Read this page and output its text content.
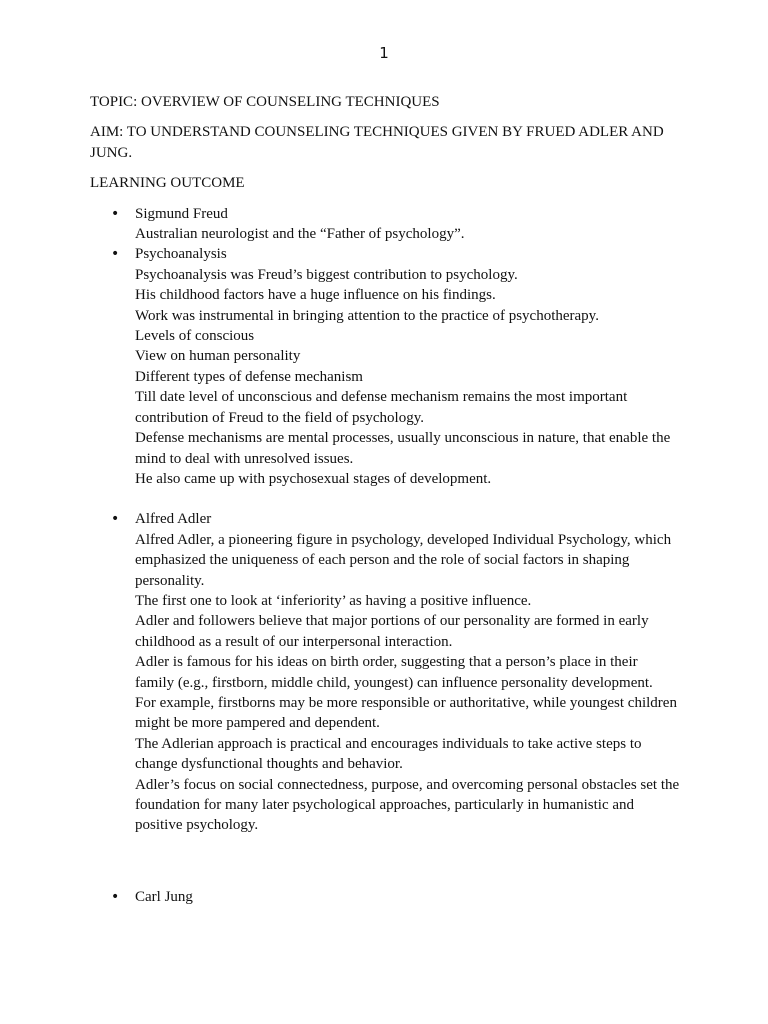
1

TOPIC: OVERVIEW OF COUNSELING TECHNIQUES

AIM: TO UNDERSTAND COUNSELING TECHNIQUES GIVEN BY FRUED ADLER AND JUNG.

LEARNING OUTCOME

• Sigmund Freud
Australian neurologist and the “Father of psychology”.
• Psychoanalysis
Psychoanalysis was Freud’s biggest contribution to psychology.
His childhood factors have a huge influence on his findings.
Work was instrumental in bringing attention to the practice of psychotherapy.
Levels of conscious
View on human personality
Different types of defense mechanism
Till date level of unconscious and defense mechanism remains the most important contribution of Freud to the field of psychology.
Defense mechanisms are mental processes, usually unconscious in nature, that enable the mind to deal with unresolved issues.
He also came up with psychosexual stages of development.
• Alfred Adler
Alfred Adler, a pioneering figure in psychology, developed Individual Psychology, which emphasized the uniqueness of each person and the role of social factors in shaping personality.
The first one to look at ‘inferiority’ as having a positive influence.
Adler and followers believe that major portions of our personality are formed in early childhood as a result of our interpersonal interaction.
Adler is famous for his ideas on birth order, suggesting that a person’s place in their family (e.g., firstborn, middle child, youngest) can influence personality development.
For example, firstborns may be more responsible or authoritative, while youngest children might be more pampered and dependent.
The Adlerian approach is practical and encourages individuals to take active steps to change dysfunctional thoughts and behavior.
Adler’s focus on social connectedness, purpose, and overcoming personal obstacles set the foundation for many later psychological approaches, particularly in humanistic and positive psychology.
• Carl Jung
